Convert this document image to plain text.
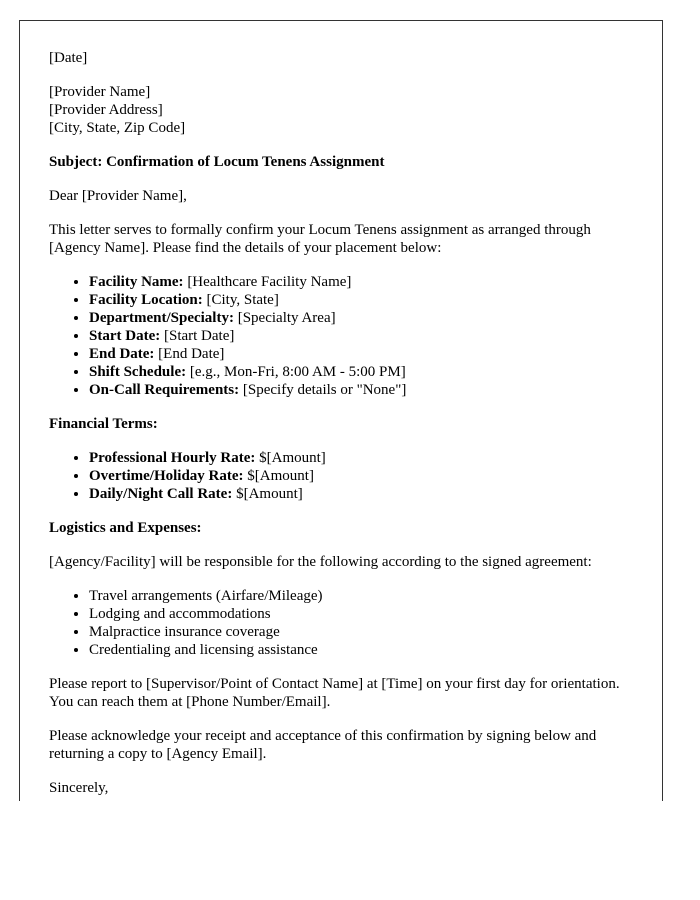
[Date]

[Provider Name]
[Provider Address]
[City, State, Zip Code]

Subject: Confirmation of Locum Tenens Assignment

Dear [Provider Name],

This letter serves to formally confirm your Locum Tenens assignment as arranged through [Agency Name]. Please find the details of your placement below:

• Facility Name: [Healthcare Facility Name]
• Facility Location: [City, State]
• Department/Specialty: [Specialty Area]
• Start Date: [Start Date]
• End Date: [End Date]
• Shift Schedule: [e.g., Mon-Fri, 8:00 AM - 5:00 PM]
• On-Call Requirements: [Specify details or "None"]

Financial Terms:

• Professional Hourly Rate: $[Amount]
• Overtime/Holiday Rate: $[Amount]
• Daily/Night Call Rate: $[Amount]

Logistics and Expenses:

[Agency/Facility] will be responsible for the following according to the signed agreement:

• Travel arrangements (Airfare/Mileage)
• Lodging and accommodations
• Malpractice insurance coverage
• Credentialing and licensing assistance

Please report to [Supervisor/Point of Contact Name] at [Time] on your first day for orientation. You can reach them at [Phone Number/Email].

Please acknowledge your receipt and acceptance of this confirmation by signing below and returning a copy to [Agency Email].

Sincerely,
